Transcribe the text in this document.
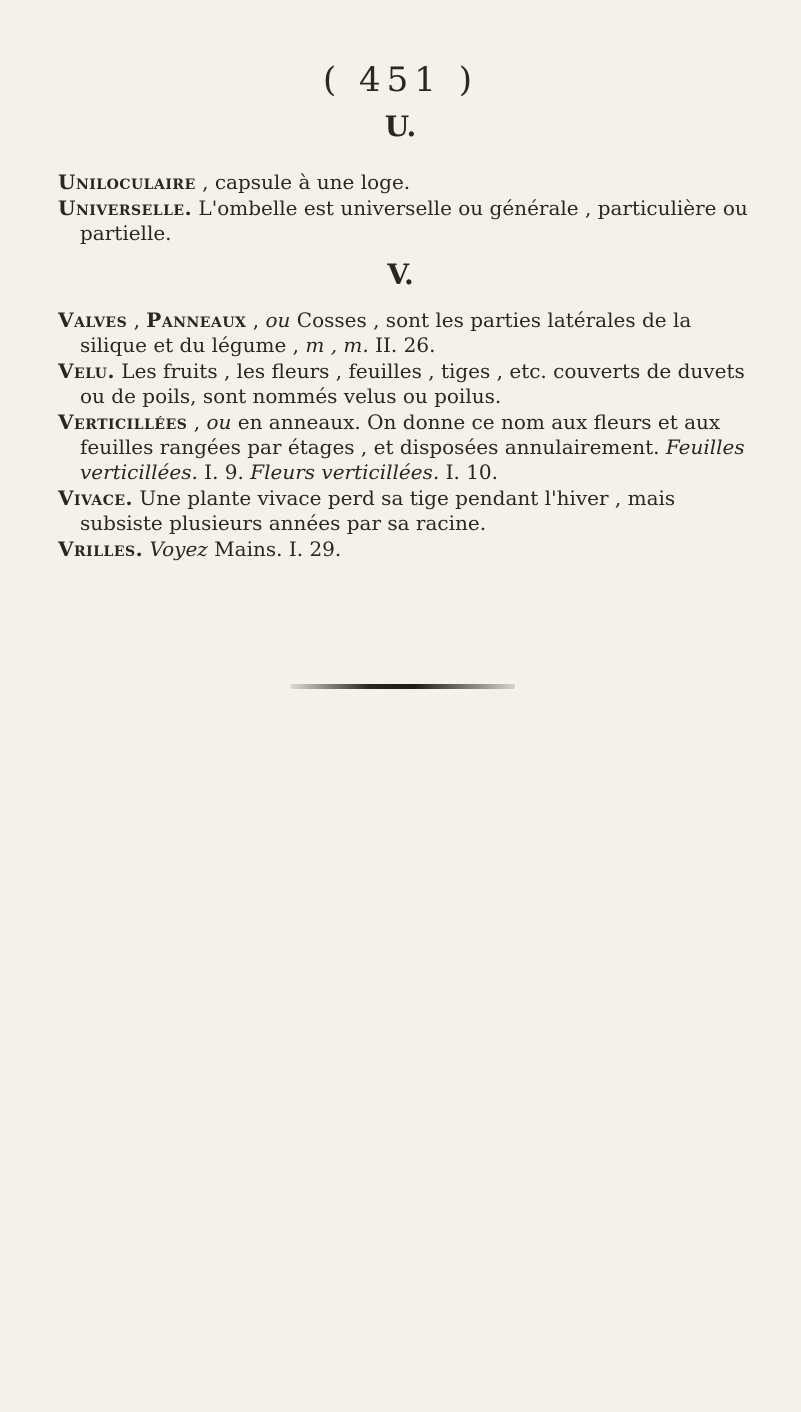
( 451 )
U.

Uniloculaire , capsule à une loge.

Universelle. L'ombelle est universelle ou générale , particulière ou partielle.

V.

Valves , Panneaux , ou Cosses , sont les parties latérales de la silique et du légume , m , m. II. 26.

Velu. Les fruits , les fleurs , feuilles , tiges , etc. couverts de duvets ou de poils, sont nommés velus ou poilus.

Verticillées , ou en anneaux. On donne ce nom aux fleurs et aux feuilles rangées par étages , et disposées annulairement. Feuilles verticillées. I. 9. Fleurs verticillées. I. 10.

Vivace. Une plante vivace perd sa tige pendant l'hiver , mais subsiste plusieurs années par sa racine.

Vrilles. Voyez Mains. I. 29.
